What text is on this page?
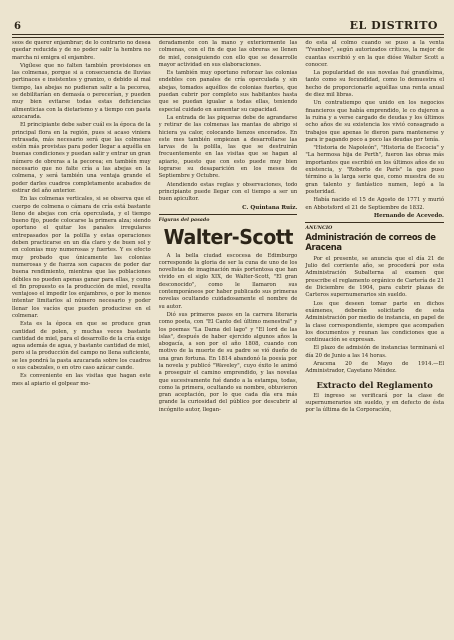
6	EL DISTRITO

seos de querer enjambrar; de lo contrario no desea quedar reducida y de no poder salir la hembra no marcha ni emigra el enjambre.

Vigílese que no falten también provisiones en las colmenas, porque si a consecuencia de lluvias pertinaces e insistentes y granizo, o debido al mal tiempo, las abejas no pudieran salir a la pecorea, se debilitarían en demasía o perecerían, y pueden muy bien evitarse todas estas deficiencias alimenticias con la dietarismo y a tiempo con pasta azucarada.

El principiante debe saber cuál es la época de la principal flora en la región, pues si acaso viniera retrasada, más necesario será que las colmenas estén más provistas para poder llegar a aquélla en buenas condiciones y puedan salir y entrar un gran número de obreras a la pecorea; en también muy necesario que no falte cría a las abejas en la colmena, y será también una ventaja grande el poder darles cuadros completamente acabados de estirar del año anterior.

En las colmenas verticales, si se observa que el cuerpo de colmena o cámara de cría está bastante lleno de abejas con cría operculada, y el tiempo bueno fijo, puede colocarse la primera alza; siendo oportuno el quitar los panales irregulares entrepasados por la polilla y estas operaciones deben practicarse en un día claro y de buen sol y en colonias muy numerosas y fuertes. Y es efecto muy probado que únicamente las colonias numerosas y de fuerza son capaces de poder dar buena rendimiento, mientras que las poblaciones débiles no pueden apenas ganar para ellas, y como el fin propuesto es la producción de miel, resulta ventajoso el impedir los enjambres, o por lo menos intentar limitarlos al número necesario y poder llenar los vacíos que pueden producirse en el colmenar.

Esta es la época en que se produce gran cantidad de polen, y muchas veces bastante cantidad de miel, para el desarrollo de la cría exige agua además de agua, y bastante cantidad de miel, pero si la producción del campo no llena suficiente, se les pondrá la pasta azucarada sobre los cuadros o sus cabezales, o en otro caso azúcar cande.

Es conveniente en las visitas que hagan este mes al apiario el golpear mo-

deradamente con la mano y exteriormente las colmenas, con el fin de que las obreras se llenen de miel, consiguiendo con ello que se desarrolle mayor actividad en sus elaboraciones.

Es también muy oportuno reforzar las colonias endebles con panales de cría operculada y sin abejas, tomados aquéllos de colonias fuertes, que puedan cubrir por completo sus habitantes hasta que se puedan igualar a todas ellas, teniendo especial cuidado en aumentar su capacidad.

La entrada de las piqueras debe de agrandarse y retirar de las colmenas las mantas de abrigo si hiciera ya calor, colocando lienzos encerados. En este mes también empiezan a desarrollarse las larvas de la polilla, las que se destruirán frecuentemente en las visitas que se hagan al apiario, puesto que con esto puede muy bien lograrse su desaparición en los meses de Septiembre y Octubre.

Atendiendo estas reglas y observaciones, todo principiante puede llegar con el tiempo a ser un buen apicultor.

C. Quintana Ruiz.
Figuras del pasado
Walter-Scott

A la bella ciudad escocesa de Edimburgo corresponde la gloria de ser la cuna de uno de los novelistas de imaginación más portentosa que han vivido en el siglo XIX, de Walter-Scott, "El gran desconocido", como le llamaron sus contemporáneos por haber publicado sus primeras novelas ocultando cuidadosamente el nombre de su autor.

Dió sus primeros pasos en la carrera literaria como poeta, con "El Canto del último menestral" y los poemas "La Dama del lago" y "El lord de las islas", después de haber ejercido algunos años la abogacía, a son por el año 1808, cuando con motivo de la muerte de su padre se vió dueño de una gran fortuna. En 1814 abandonó la poesía por la novela y publicó "Waveley", cuyo éxito le animó a proseguir el camino emprendido, y las novelas que sucesivamente fué dando a la estampa, todas, como la primera, ocultando su nombre, obtuvieron gran aceptación, por lo que cada día era más grande la curiosidad del público por descubrir al incógnito autor, llegan-

do esta al colmo cuando se puso a la venta "Yvanhoe", según autorizados críticos, la mejor de cuantas escribió y en la que dióse Walter Scott a conocer.

La popularidad de sus novelas fué grandísima, tanto como su fecundidad, como lo demuestra el hecho de proporcionarle aquéllas una renta anual de diez mil libras.

Un contratiempo que unido en los negocios financieros que había emprendido, le co dujeron a la ruina y a verse cargado de deudas y los últimos ocho años de su existencia los vivió consagrado a trabajos que apenas le dieron para mantenerse y para ir pagando poco a poco las deudas por tenía.

"Historia de Napoleón", "Historia de Escocia" y "La hermosa hija de Perth", fueron las obras más importantes que escribió en los últimos años de su existencia, y "Roberto de París" la que puso término a la larga serie que, como muestra de su gran talento y fantástico numen, legó a la posteridad.

Había nacido el 15 de Agosto de 1771 y murió en Abbotsford el 21 de Septiembre de 1832.

Hernando de Acevedo.
ANUNCIO
Administración de correos de Aracena

Por el presente, se anuncia que el día 21 de Julio del corriente año, se procederá por esta Administración Subalterna al examen que prescribe el reglamento orgánico de Cartería de 21 de Diciembre de 1904, para cubrir plazas de Carteros supernumerarios sin sueldo.

Los que deseen tomar parte en dichos exámenes, deberán solicitarlo de esta Administración por medio de instancia, en papel de la clase correspondiente, siempre que acompañen los documentos y reunan las condiciones que a continuación se expresan.

El plazo de admisión de instancias terminará el día 20 de Junio a las 14 horas.

Aracena 20 de Mayo de 1914.—El Administrador, Cayetano Méndez.

Extracto del Reglamento

El ingreso se verificará por la clase de supernumerarios sin sueldo, y en defecto de ésta por la última de la Corporación,
